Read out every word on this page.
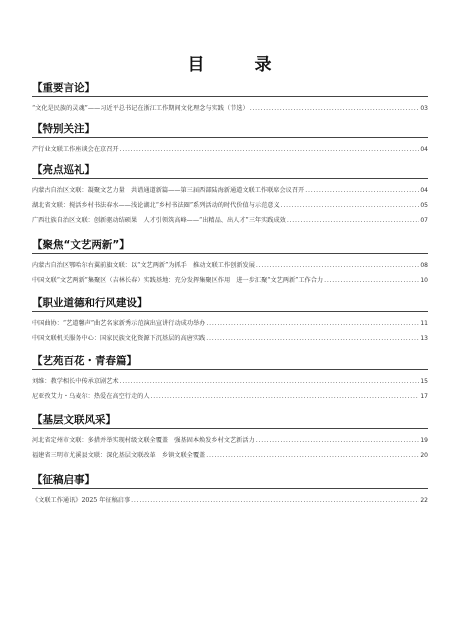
目 录
【重要言论】
“文化是民族的灵魂”——习近平总书记在浙江工作期间文化理念与实践（节选） . . .	03
【特别关注】
产行业文联工作座谈会在京召开 . . .	04
【亮点巡礼】
内蒙古自治区文联：凝聚文艺力量　共谱通道新篇——第三届西部陆海新通道文联工作联席会议召开 . . .	04
湖北省文联：搅活乡村书法春水——浅论湖北“乡村书法圈”系列活动的时代价值与示范意义 . . .	05
广西壮族自治区文联：创新驱动结硕果　人才引领筑高峰——“出精品、出人才”三年实践成效 . . .	07
【聚焦“文艺两新”】
内蒙古自治区鄂哈尔右翼前旗文联：以“文艺两新”为抓手　推动文联工作创新发展 . . .	08
中国文联“文艺两新”集聚区（吉林长春）实践基地：充分发挥集聚区作用　进一步汇聚“文艺两新”工作合力 . . .	10
【职业道德和行风建设】
中国曲协：“艺道馨声”曲艺名家新秀示范演出宣讲行动成功举办 . . .	11
中国文联机关服务中心：国家民族文化资源下沉基层的高唐实践 . . .	13
【艺苑百花・青春篇】
刘维：教学相长中传承京剧艺术 . . .	15
尼亚孜艾力・乌麦尔：热爱在高空行走的人 . . .	17
【基层文联风采】
河北省定州市文联：多措并举实现村级文联全覆盖　强基固本焕发乡村文艺新活力 . . .	19
福建省三明市尤溪县文联：深化基层文联改革　乡镇文联全覆盖 . . .	20
【征稿启事】
《文联工作通讯》2025 年征稿启事 . . .	22
